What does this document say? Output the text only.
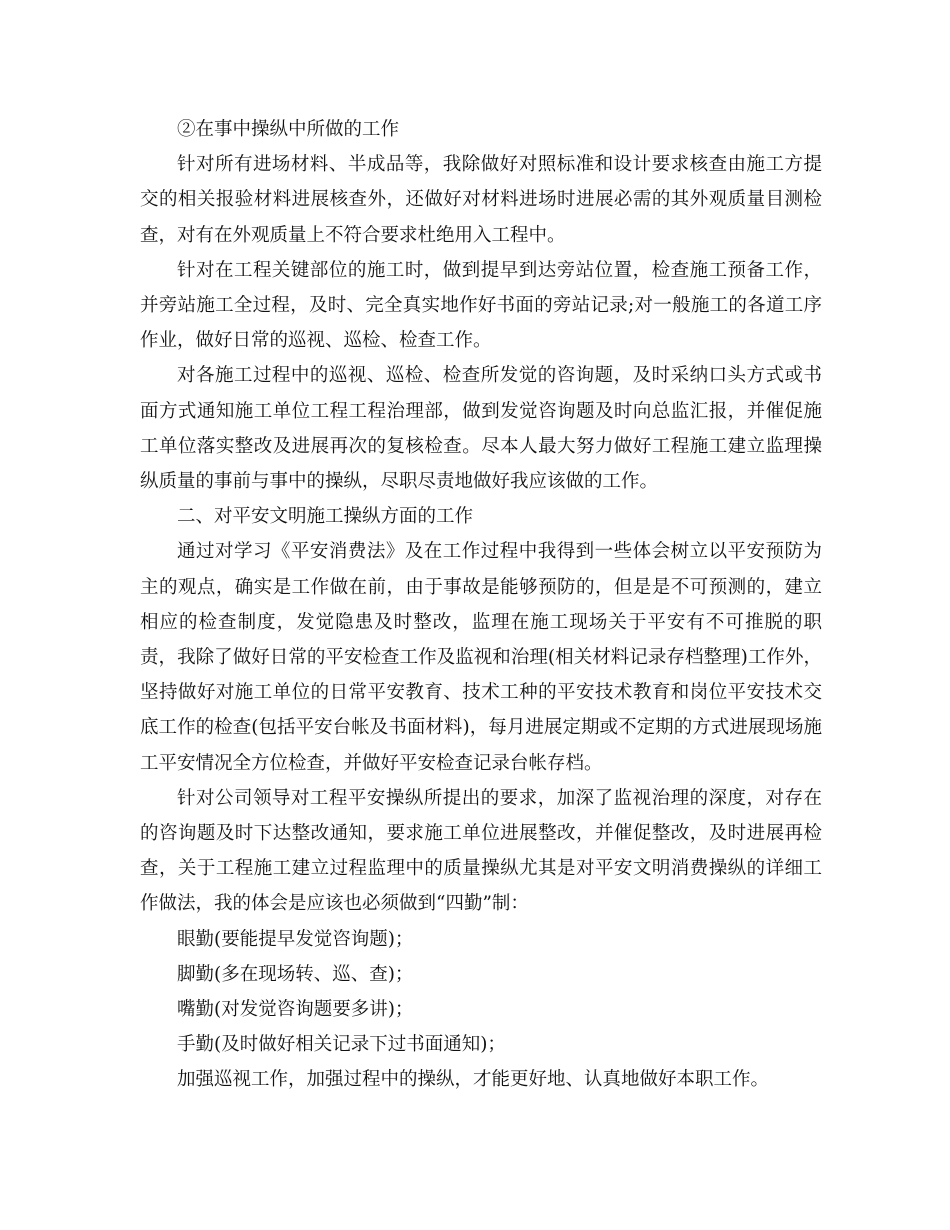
②在事中操纵中所做的工作

针对所有进场材料、半成品等，我除做好对照标准和设计要求核查由施工方提交的相关报验材料进展核查外，还做好对材料进场时进展必需的其外观质量目测检查，对有在外观质量上不符合要求杜绝用入工程中。

针对在工程关键部位的施工时，做到提早到达旁站位置，检查施工预备工作，并旁站施工全过程，及时、完全真实地作好书面的旁站记录;对一般施工的各道工序作业，做好日常的巡视、巡检、检查工作。

对各施工过程中的巡视、巡检、检查所发觉的咨询题，及时采纳口头方式或书面方式通知施工单位工程工程治理部，做到发觉咨询题及时向总监汇报，并催促施工单位落实整改及进展再次的复核检查。尽本人最大努力做好工程施工建立监理操纵质量的事前与事中的操纵，尽职尽责地做好我应该做的工作。

二、对平安文明施工操纵方面的工作

通过对学习《平安消费法》及在工作过程中我得到一些体会树立以平安预防为主的观点，确实是工作做在前，由于事故是能够预防的，但是是不可预测的，建立相应的检查制度，发觉隐患及时整改，监理在施工现场关于平安有不可推脱的职责，我除了做好日常的平安检查工作及监视和治理(相关材料记录存档整理)工作外，坚持做好对施工单位的日常平安教育、技术工种的平安技术教育和岗位平安技术交底工作的检查(包括平安台帐及书面材料)，每月进展定期或不定期的方式进展现场施工平安情况全方位检查，并做好平安检查记录台帐存档。

针对公司领导对工程平安操纵所提出的要求，加深了监视治理的深度，对存在的咨询题及时下达整改通知，要求施工单位进展整改，并催促整改，及时进展再检查，关于工程施工建立过程监理中的质量操纵尤其是对平安文明消费操纵的详细工作做法，我的体会是应该也必须做到“四勤”制：

眼勤(要能提早发觉咨询题)；

脚勤(多在现场转、巡、查)；

嘴勤(对发觉咨询题要多讲)；

手勤(及时做好相关记录下过书面通知)；

加强巡视工作，加强过程中的操纵，才能更好地、认真地做好本职工作。
